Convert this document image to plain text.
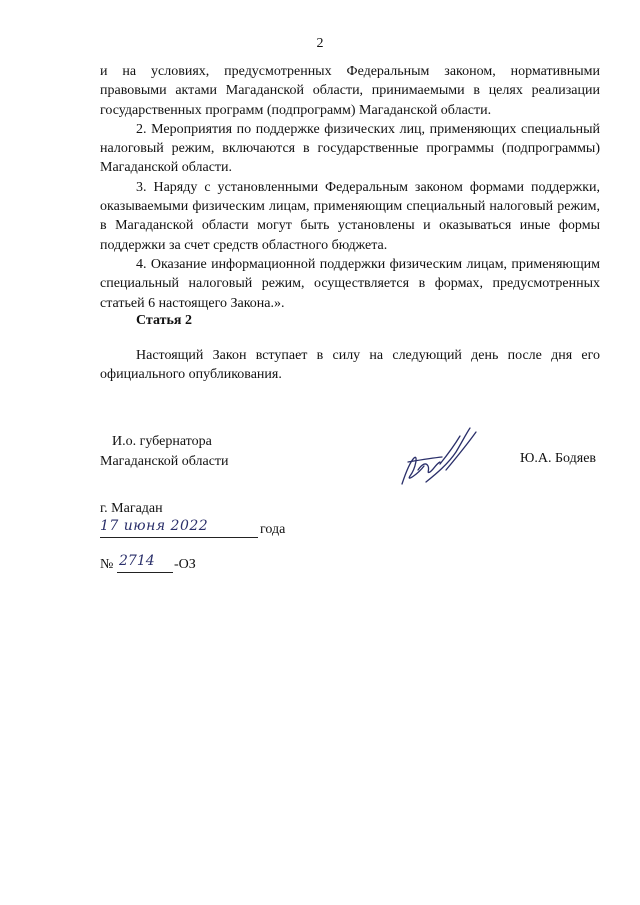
2

и на условиях, предусмотренных Федеральным законом, нормативными правовыми актами Магаданской области, принимаемыми в целях реализации государственных программ (подпрограмм) Магаданской области.

2. Мероприятия по поддержке физических лиц, применяющих специальный налоговый режим, включаются в государственные программы (подпрограммы) Магаданской области.

3. Наряду с установленными Федеральным законом формами поддержки, оказываемыми физическим лицам, применяющим специальный налоговый режим, в Магаданской области могут быть установлены и оказываться иные формы поддержки за счет средств областного бюджета.

4. Оказание информационной поддержки физическим лицам, применяющим специальный налоговый режим, осуществляется в формах, предусмотренных статьей 6 настоящего Закона.».

Статья 2
Настоящий Закон вступает в силу на следующий день после дня его официального опубликования.
И.о. губернатора
Магаданской области	Ю.А. Бодяев
г. Магадан
17 июня 2022	года
№ 2714 -ОЗ
